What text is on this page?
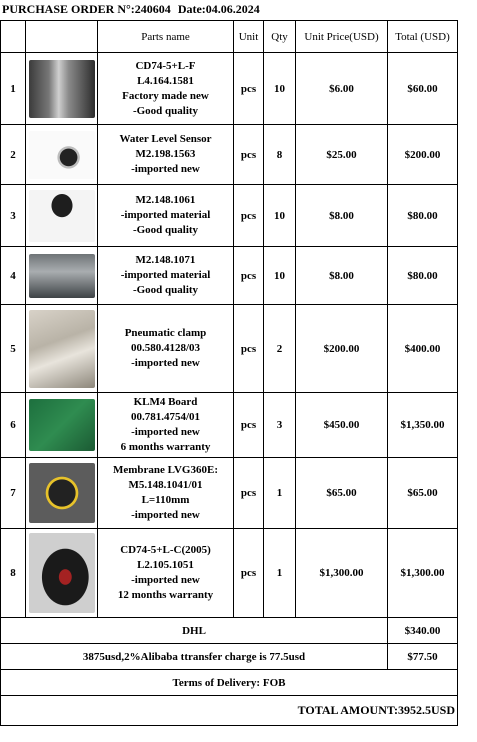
PURCHASE ORDER N°:240604 Date:04.06.2024
		Parts name	Unit	Qty	Unit Price(USD)	Total (USD)
1		CD74-5+L-F
L4.164.1581
Factory made new
-Good quality	pcs	10	$6.00	$60.00
2		Water Level Sensor
M2.198.1563
-imported new	pcs	8	$25.00	$200.00
3		M2.148.1061
-imported material
-Good quality	pcs	10	$8.00	$80.00
4		M2.148.1071
-imported material
-Good quality	pcs	10	$8.00	$80.00
5		Pneumatic clamp
00.580.4128/03
-imported new	pcs	2	$200.00	$400.00
6		KLM4 Board
00.781.4754/01
-imported new
6 months warranty	pcs	3	$450.00	$1,350.00
7		Membrane LVG360E:
M5.148.1041/01
L=110mm
-imported new	pcs	1	$65.00	$65.00
8		CD74-5+L-C(2005)
L2.105.1051
-imported new
12 months warranty	pcs	1	$1,300.00	$1,300.00
DHL						$340.00
3875usd,2%Alibaba ttransfer charge is 77.5usd						$77.50
Terms of Delivery: FOB						
TOTAL AMOUNT:3952.5USD						
